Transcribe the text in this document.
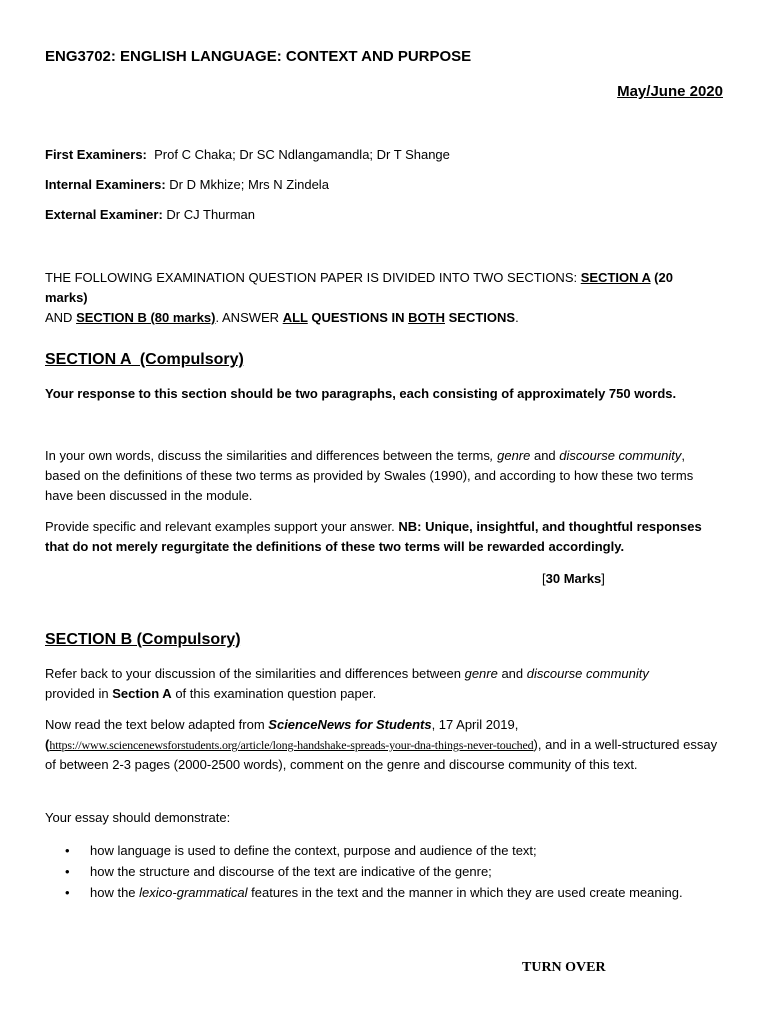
ENG3702: ENGLISH LANGUAGE: CONTEXT AND PURPOSE
May/June 2020

First Examiners: Prof C Chaka; Dr SC Ndlangamandla; Dr T Shange

Internal Examiners: Dr D Mkhize; Mrs N Zindela

External Examiner: Dr CJ Thurman

THE FOLLOWING EXAMINATION QUESTION PAPER IS DIVIDED INTO TWO SECTIONS: SECTION A (20 marks)
AND SECTION B (80 marks). ANSWER ALL QUESTIONS IN BOTH SECTIONS.
SECTION A  (Compulsory)
Your response to this section should be two paragraphs, each consisting of approximately 750 words.
In your own words, discuss the similarities and differences between the terms, genre and discourse community, based on the definitions of these two terms as provided by Swales (1990), and according to how these two terms have been discussed in the module.
Provide specific and relevant examples support your answer. NB: Unique, insightful, and thoughtful responses that do not merely regurgitate the definitions of these two terms will be rewarded accordingly.
[30 Marks]
SECTION B (Compulsory)
Refer back to your discussion of the similarities and differences between genre and discourse community
provided in Section A of this examination question paper.
Now read the text below adapted from ScienceNews for Students, 17 April 2019,
(https://www.sciencenewsforstudents.org/article/long-handshake-spreads-your-dna-things-never-touched), and in a well-structured essay of between 2-3 pages (2000-2500 words), comment on the genre and discourse community of this text.
Your essay should demonstrate:
• how language is used to define the context, purpose and audience of the text;
• how the structure and discourse of the text are indicative of the genre;
• how the lexico-grammatical features in the text and the manner in which they are used create meaning.
TURN OVER
